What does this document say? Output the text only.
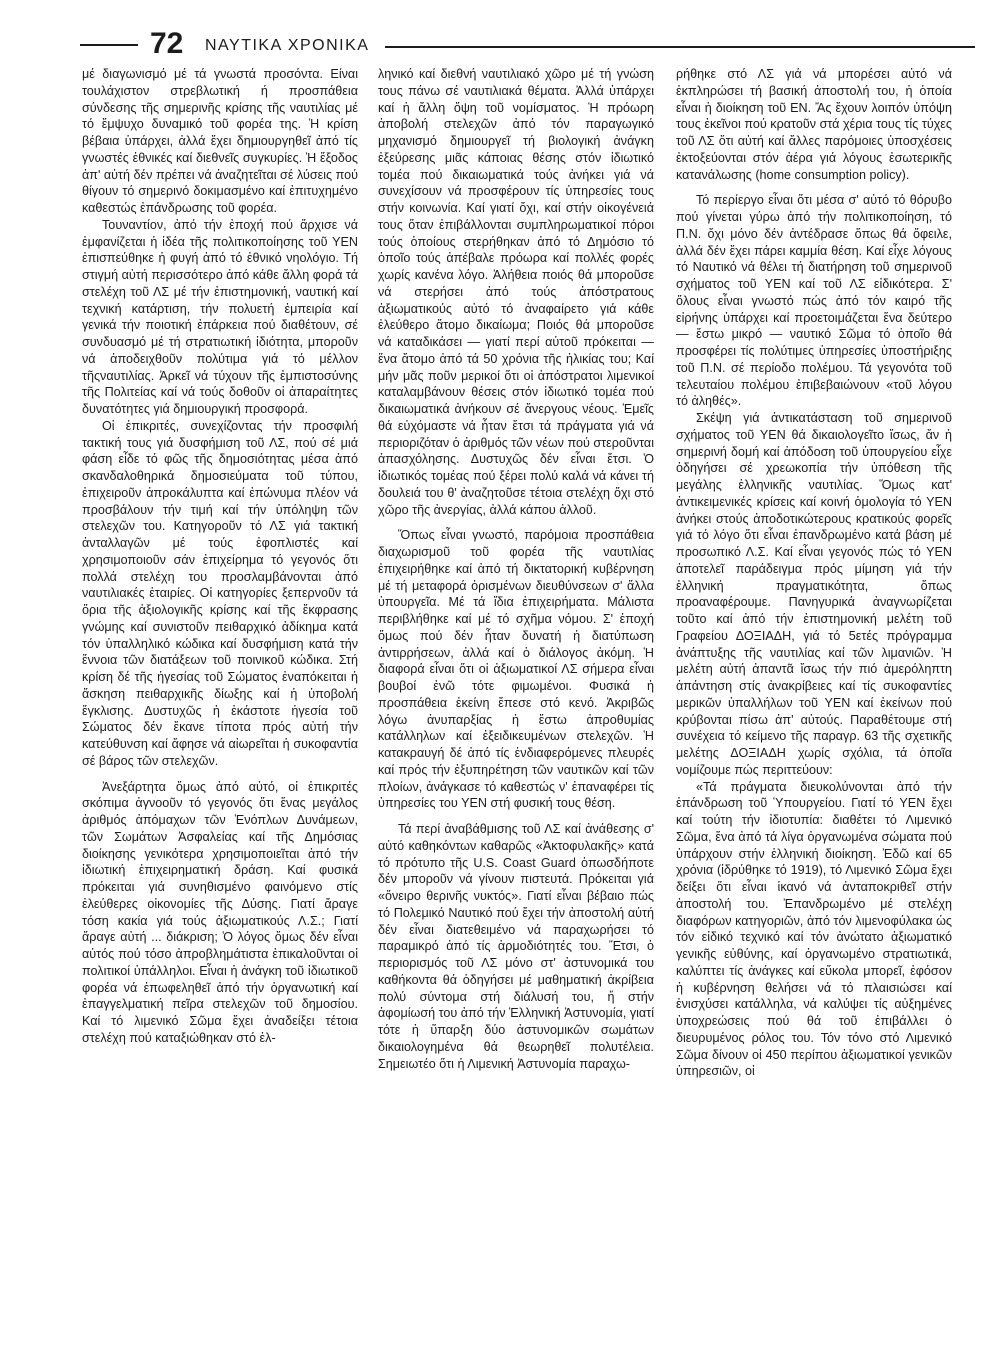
72 ΝΑΥΤΙΚΑ ΧΡΟΝΙΚΑ

μέ διαγωνισμό μέ τά γνωστά προσόντα. Είναι τουλάχιστον στρεβλωτική ή προσπάθεια σύνδεσης τῆς σημερινῆς κρίσης τῆς ναυτιλίας μέ τό ἔμψυχο δυναμικό τοῦ φορέα της. Ἡ κρίση βέβαια ὑπάρχει, ἀλλά ἔχει δημιουργηθεῖ ἀπό τίς γνωστές ἐθνικές καί διεθνεῖς συγκυρίες. Ἡ ἔξοδος ἀπ' αὐτή δέν πρέπει νά ἀναζητεῖται σέ λύσεις πού θίγουν τό σημερινό δοκιμασμένο καί ἐπιτυχημένο καθεστώς ἐπάνδρωσης τοῦ φορέα.

Τουναντίον, ἀπό τήν ἐποχή πού ἄρχισε νά ἐμφανίζεται ἡ ἰδέα τῆς πολιτικοποίησης τοῦ ΥΕΝ ἐπισπεύθηκε ἡ φυγή ἀπό τό ἐθνικό νηολόγιο. Τή στιγμή αὐτή περισσότερο ἀπό κάθε ἄλλη φορά τά στελέχη τοῦ ΛΣ μέ τήν ἐπιστημονική, ναυτική καί τεχνική κατάρτιση, τήν πολυετή ἐμπειρία καί γενικά τήν ποιοτική ἐπάρκεια πού διαθέτουν, σέ συνδυασμό μέ τή στρατιωτική ἰδιότητα, μποροῦν νά ἀποδειχθοῦν πολύτιμα γιά τό μέλλον τῆςναυτιλίας. Ἀρκεῖ νά τύχουν τῆς ἐμπιστοσύνης τῆς Πολιτείας καί νά τούς δοθοῦν οἱ ἀπαραίτητες δυνατότητες γιά δημιουργική προσφορά.

Οἱ ἐπικριτές, συνεχίζοντας τήν προσφιλή τακτική τους γιά δυσφήμιση τοῦ ΛΣ, πού σέ μιά φάση εἶδε τό φῶς τῆς δημοσιότητας μέσα ἀπό σκανδαλοθηρικά δημοσιεύματα τοῦ τύπου, ἐπιχειροῦν ἀπροκάλυπτα καί ἐπώνυμα πλέον νά προσβάλουν τήν τιμή καί τήν ὑπόληψη τῶν στελεχῶν του. Κατηγοροῦν τό ΛΣ γιά τακτική ἀνταλλαγῶν μέ τούς ἐφοπλιστές καί χρησιμοποιοῦν σάν ἐπιχείρημα τό γεγονός ὅτι πολλά στελέχη του προσλαμβάνονται ἀπό ναυτιλιακές ἑταιρίες. Οἱ κατηγορίες ξεπερνοῦν τά ὅρια τῆς ἀξιολογικῆς κρίσης καί τῆς ἔκφρασης γνώμης καί συνιστοῦν πειθαρχικό ἀδίκημα κατά τόν ὑπαλληλικό κώδικα καί δυσφήμιση κατά τήν ἔννοια τῶν διατάξεων τοῦ ποινικοῦ κώδικα. Στή κρίση δέ τῆς ἡγεσίας τοῦ Σώματος ἐναπόκειται ἡ ἄσκηση πειθαρχικῆς δίωξης καί ἡ ὑποβολή ἔγκλισης. Δυστυχῶς ἡ ἑκάστοτε ἡγεσία τοῦ Σώματος δέν ἔκανε τίποτα πρός αὐτή τήν κατεύθυνση καί ἄφησε νά αἰωρεῖται ἡ συκοφαντία σέ βάρος τῶν στελεχῶν.

Ἀνεξάρτητα ὅμως ἀπό αὐτό, οἱ ἐπικριτές σκόπιμα ἀγνοοῦν τό γεγονός ὅτι ἕνας μεγάλος ἀριθμός ἀπόμαχων τῶν Ἐνόπλων Δυνάμεων, τῶν Σωμάτων Ἀσφαλείας καί τῆς Δημόσιας διοίκησης γενικότερα χρησιμοποιεῖται ἀπό τήν ἰδιωτική ἐπιχειρηματική δράση. Καί φυσικά πρόκειται γιά συνηθισμένο φαινόμενο στίς ἐλεύθερες οἰκονομίες τῆς Δύσης. Γιατί ἄραγε τόση κακία γιά τούς ἀξιωματικούς Λ.Σ.; Γιατί ἄραγε αὐτή ... διάκριση; Ὁ λόγος ὅμως δέν εἶναι αὐτός πού τόσο ἀπροβλημάτιστα ἐπικαλοῦνται οἱ πολιτικοί ὑπάλληλοι. Εἶναι ἡ ἀνάγκη τοῦ ἰδιωτικοῦ φορέα νά ἐπωφεληθεῖ ἀπό τήν ὀργανωτική καί ἐπαγγελματική πεῖρα στελεχῶν τοῦ δημοσίου. Καί τό λιμενικό Σῶμα ἔχει ἀναδείξει τέτοια στελέχη πού καταξιώθηκαν στό ἑλ-

ληνικό καί διεθνή ναυτιλιακό χῶρο μέ τή γνώση τους πάνω σέ ναυτιλιακά θέματα. Ἀλλά ὑπάρχει καί ἡ ἄλλη ὄψη τοῦ νομίσματος. Ἡ πρόωρη ἀποβολή στελεχῶν ἀπό τόν παραγωγικό μηχανισμό δημιουργεῖ τή βιολογική ἀνάγκη ἐξεύρεσης μιᾶς κάποιας θέσης στόν ἰδιωτικό τομέα πού δικαιωματικά τούς ἀνήκει γιά νά συνεχίσουν νά προσφέρουν τίς ὑπηρεσίες τους στήν κοινωνία. Καί γιατί ὄχι, καί στήν οἰκογένειά τους ὅταν ἐπιβάλλονται συμπληρωματικοί πόροι τούς ὁποίους στερήθηκαν ἀπό τό Δημόσιο τό ὁποῖο τούς ἀπέβαλε πρόωρα καί πολλές φορές χωρίς κανένα λόγο. Ἀλήθεια ποιός θά μποροῦσε νά στερήσει ἀπό τούς ἀπόστρατους ἀξιωματικούς αὐτό τό ἀναφαίρετο γιά κάθε ἐλεύθερο ἄτομο δικαίωμα; Ποιός θά μποροῦσε νά καταδικάσει — γιατί περί αὐτοῦ πρόκειται — ἕνα ἄτομο ἀπό τά 50 χρόνια τῆς ἡλικίας του; Καί μήν μᾶς ποῦν μερικοί ὅτι οἱ ἀπόστρατοι λιμενικοί καταλαμβάνουν θέσεις στόν ἰδιωτικό τομέα πού δικαιωματικά ἀνήκουν σέ ἄνεργους νέους. Ἐμεῖς θά εὐχόμαστε νά ἦταν ἔτσι τά πράγματα γιά νά περιοριζόταν ὁ ἀριθμός τῶν νέων πού στεροῦνται ἀπασχόλησης. Δυστυχῶς δέν εἶναι ἔτσι. Ὁ ἰδιωτικός τομέας πού ξέρει πολύ καλά νά κάνει τή δουλειά του θ' ἀναζητοῦσε τέτοια στελέχη ὄχι στό χῶρο τῆς ἀνεργίας, ἀλλά κάπου ἀλλοῦ.

Ὅπως εἶναι γνωστό, παρόμοια προσπάθεια διαχωρισμοῦ τοῦ φορέα τῆς ναυτιλίας ἐπιχειρήθηκε καί ἀπό τή δικτατορική κυβέρνηση μέ τή μεταφορά ὁρισμένων διευθύνσεων σ' ἄλλα ὑπουργεῖα. Μέ τά ἴδια ἐπιχειρήματα. Μάλιστα περιβλήθηκε καί μέ τό σχῆμα νόμου. Σ' ἐποχή ὅμως πού δέν ἦταν δυνατή ἡ διατύπωση ἀντιρρήσεων, ἀλλά καί ὁ διάλογος ἀκόμη. Ἡ διαφορά εἶναι ὅτι οἱ ἀξιωματικοί ΛΣ σήμερα εἶναι βουβοί ἐνῶ τότε φιμωμένοι. Φυσικά ἡ προσπάθεια ἐκείνη ἔπεσε στό κενό. Ἀκριβῶς λόγω ἀνυπαρξίας ἡ ἔστω ἀπροθυμίας κατάλληλων καί ἐξειδικευμένων στελεχῶν. Ἡ κατακραυγή δέ ἀπό τίς ἐνδιαφερόμενες πλευρές καί πρός τήν ἐξυπηρέτηση τῶν ναυτικῶν καί τῶν πλοίων, ἀνάγκασε τό καθεστώς ν' ἐπαναφέρει τίς ὑπηρεσίες του ΥΕΝ στή φυσική τους θέση.

Τά περί ἀναβάθμισης τοῦ ΛΣ καί ἀνάθεσης σ' αὐτό καθηκόντων καθαρῶς «Ἀκτοφυλακῆς» κατά τό πρότυπο τῆς U.S. Coast Guard ὁπωσδήποτε δέν μποροῦν νά γίνουν πιστευτά. Πρόκειται γιά «ὄνειρο θερινῆς νυκτός». Γιατί εἶναι βέβαιο πώς τό Πολεμικό Ναυτικό πού ἔχει τήν ἀποστολή αὐτή δέν εἶναι διατεθειμένο νά παραχωρήσει τό παραμικρό ἀπό τίς ἁρμοδιότητές του. Ἔτσι, ὁ περιορισμός τοῦ ΛΣ μόνο στ' ἀστυνομικά του καθήκοντα θά ὁδηγήσει μέ μαθηματική ἀκρίβεια πολύ σύντομα στή διάλυσή του, ἤ στήν ἀφομίωσή του ἀπό τήν Ἑλληνική Ἀστυνομία, γιατί τότε ἡ ὕπαρξη δύο ἀστυνομικῶν σωμάτων δικαιολογημένα θά θεωρηθεῖ πολυτέλεια. Σημειωτέο ὅτι ἡ Λιμενική Ἀστυνομία παραχω-

ρήθηκε στό ΛΣ γιά νά μπορέσει αὐτό νά ἐκπληρώσει τή βασική ἀποστολή του, ἡ ὁποία εἶναι ἡ διοίκηση τοῦ ΕΝ. Ἄς ἔχουν λοιπόν ὑπόψη τους ἐκεῖνοι πού κρατοῦν στά χέρια τους τίς τύχες τοῦ ΛΣ ὅτι αὐτή καί ἄλλες παρόμοιες ὑποσχέσεις ἐκτοξεύονται στόν ἀέρα γιά λόγους ἐσωτερικῆς κατανάλωσης (home consumption policy).

Τό περίεργο εἶναι ὅτι μέσα σ' αὐτό τό θόρυβο πού γίνεται γύρω ἀπό τήν πολιτικοποίηση, τό Π.Ν. ὄχι μόνο δέν ἀντέδρασε ὅπως θά ὄφειλε, ἀλλά δέν ἔχει πάρει καμμία θέση. Καί εἶχε λόγους τό Ναυτικό νά θέλει τή διατήρηση τοῦ σημερινοῦ σχήματος τοῦ ΥΕΝ καί τοῦ ΛΣ εἰδικότερα. Σ' ὅλους εἶναι γνωστό πώς ἀπό τόν καιρό τῆς εἰρήνης ὑπάρχει καί προετοιμάζεται ἕνα δεύτερο — ἔστω μικρό — ναυτικό Σῶμα τό ὁποῖο θά προσφέρει τίς πολύτιμες ὑπηρεσίες ὑποστήριξης τοῦ Π.Ν. σέ περίοδο πολέμου. Τά γεγονότα τοῦ τελευταίου πολέμου ἐπιβεβαιώνουν «τοῦ λόγου τό ἀληθές».

Σκέψη γιά ἀντικατάσταση τοῦ σημερινοῦ σχήματος τοῦ ΥΕΝ θά δικαιολογεῖτο ἴσως, ἄν ἡ σημερινή δομή καί ἀπόδοση τοῦ ὑπουργείου εἶχε ὁδηγήσει σέ χρεωκοπία τήν ὑπόθεση τῆς μεγάλης ἑλληνικῆς ναυτιλίας. Ὅμως κατ' ἀντικειμενικές κρίσεις καί κοινή ὁμολογία τό ΥΕΝ ἀνήκει στούς ἀποδοτικώτερους κρατικούς φορεῖς γιά τό λόγο ὅτι εἶναι ἐπανδρωμένο κατά βάση μέ προσωπικό Λ.Σ. Καί εἶναι γεγονός πώς τό ΥΕΝ ἀποτελεῖ παράδειγμα πρός μίμηση γιά τήν ἑλληνική πραγματικότητα, ὅπως προαναφέρουμε. Πανηγυρικά ἀναγνωρίζεται τοῦτο καί ἀπό τήν ἐπιστημονική μελέτη τοῦ Γραφείου ΔΟΞΙΑΔΗ, γιά τό 5ετές πρόγραμμα ἀνάπτυξης τῆς ναυτιλίας καί τῶν λιμανιῶν. Ἡ μελέτη αὐτή ἀπαντᾶ ἴσως τήν πιό ἀμερόληπτη ἀπάντηση στίς ἀνακρίβειες καί τίς συκοφαντίες μερικῶν ὑπαλλήλων τοῦ ΥΕΝ καί ἐκείνων πού κρύβονται πίσω ἀπ' αὐτούς. Παραθέτουμε στή συνέχεια τό κείμενο τῆς παραγρ. 63 τῆς σχετικῆς μελέτης ΔΟΞΙΑΔΗ χωρίς σχόλια, τά ὁποῖα νομίζουμε πώς περιττεύουν:

«Τά πράγματα διευκολύνονται ἀπό τήν ἐπάνδρωση τοῦ Ὑπουργείου. Γιατί τό ΥΕΝ ἔχει καί τούτη τήν ἰδιοτυπία: διαθέτει τό Λιμενικό Σῶμα, ἕνα ἀπό τά λίγα ὀργανωμένα σώματα πού ὑπάρχουν στήν ἑλληνική διοίκηση. Ἐδῶ καί 65 χρόνια (ἱδρύθηκε τό 1919), τό Λιμενικό Σῶμα ἔχει δείξει ὅτι εἶναι ἱκανό νά ἀνταποκριθεῖ στήν ἀποστολή του. Ἐπανδρωμένο μέ στελέχη διαφόρων κατηγοριῶν, ἀπό τόν λιμενοφύλακα ὡς τόν εἰδικό τεχνικό καί τόν ἀνώτατο ἀξιωματικό γενικῆς εὐθύνης, καί ὀργανωμένο στρατιωτικά, καλύπτει τίς ἀνάγκες καί εὔκολα μπορεῖ, ἐφόσον ἡ κυβέρνηση θελήσει νά τό πλαισιώσει καί ἐνισχύσει κατάλληλα, νά καλύψει τίς αὐξημένες ὑποχρεώσεις πού θά τοῦ ἐπιβάλλει ὁ διευρυμένος ρόλος του. Τόν τόνο στό Λιμενικό Σῶμα δίνουν οἱ 450 περίπου ἀξιωματικοί γενικῶν ὑπηρεσιῶν, οἱ
